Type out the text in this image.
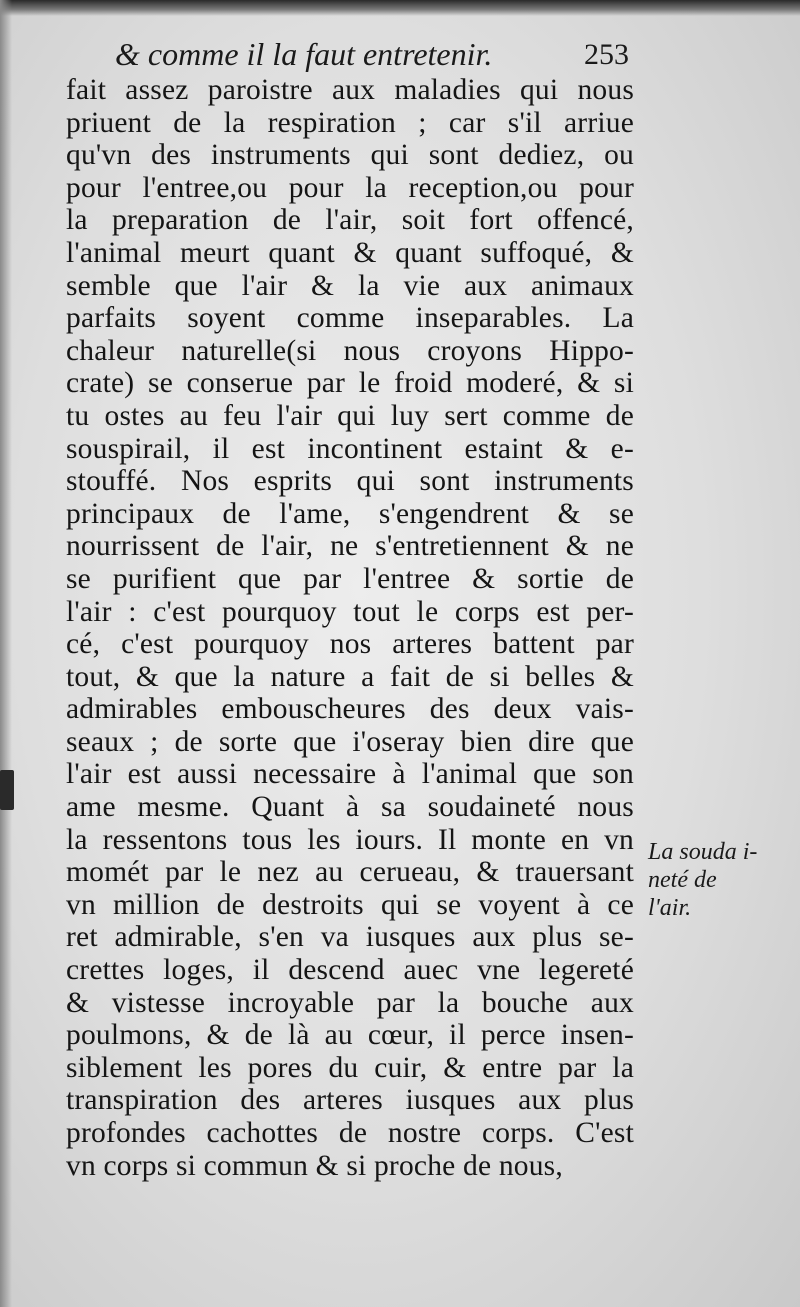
& comme il la faut entretenir.	253
fait assez paroistre aux maladies qui nous
priuent de la respiration ; car s'il arriue
qu'vn des instruments qui sont dediez, ou
pour l'entree,ou pour la reception,ou pour
la preparation de l'air, soit fort offencé,
l'animal meurt quant & quant suffoqué, &
semble que l'air & la vie aux animaux
parfaits soyent comme inseparables. La
chaleur naturelle(si nous croyons Hippo-
crate) se conserue par le froid moderé, & si
tu ostes au feu l'air qui luy sert comme de
souspirail, il est incontinent estaint & e-
stouffé. Nos esprits qui sont instruments
principaux de l'ame, s'engendrent & se
nourrissent de l'air, ne s'entretiennent & ne
se purifient que par l'entree & sortie de
l'air : c'est pourquoy tout le corps est per-
cé, c'est pourquoy nos arteres battent par
tout, & que la nature a fait de si belles &
admirables embouscheures des deux vais-
seaux ; de sorte que i'oseray bien dire que
l'air est aussi necessaire à l'animal que son
ame mesme. Quant à sa soudaineté nous
la ressentons tous les iours. Il monte en vn
momét par le nez au cerueau, & trauersant
vn million de destroits qui se voyent à ce
ret admirable, s'en va iusques aux plus se-
crettes loges, il descend auec vne legereté
& vistesse incroyable par la bouche aux
poulmons, & de là au cœur, il perce insen-
siblement les pores du cuir, & entre par la
transpiration des arteres iusques aux plus
profondes cachottes de nostre corps. C'est
vn corps si commun & si proche de nous,
La souda i-
neté de
l'air.
